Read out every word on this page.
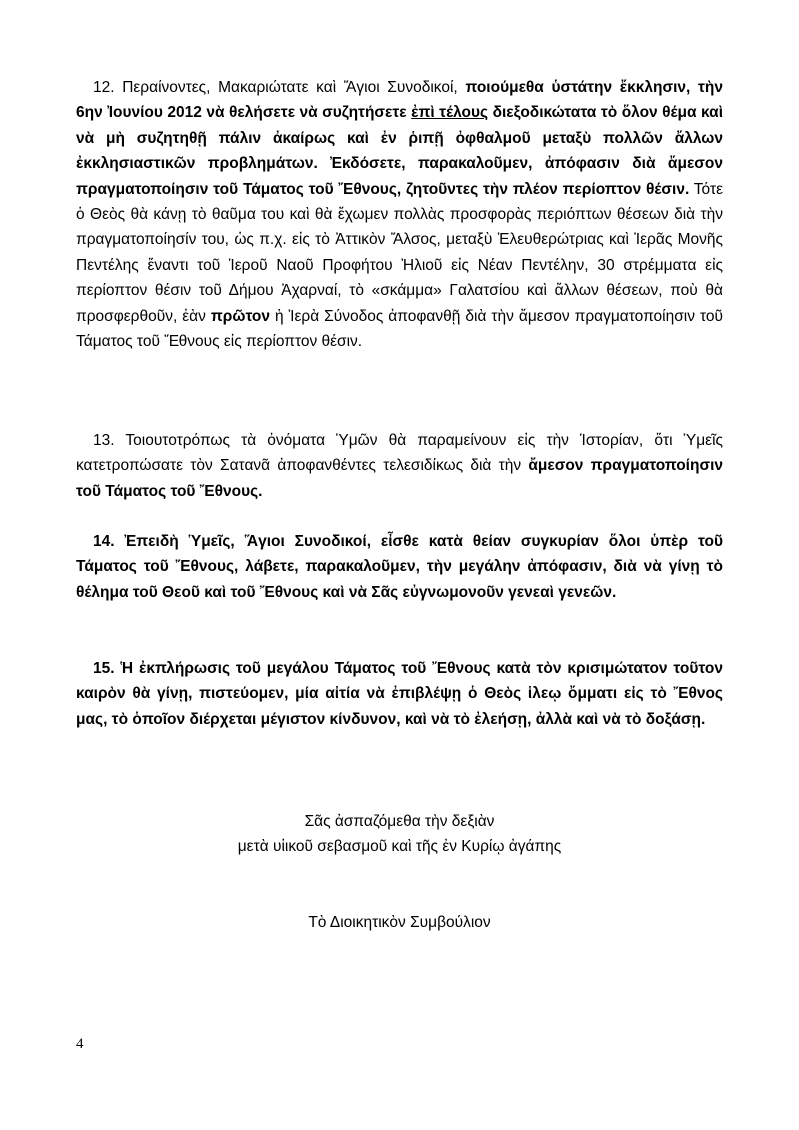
12. Περαίνοντες, Μακαριώτατε καὶ Ἅγιοι Συνοδικοί, ποιούμεθα ὑστάτην ἔκκλησιν, τὴν 6ην Ἰουνίου 2012 νὰ θελήσετε νὰ συζητήσετε ἐπὶ τέλους διεξοδικώτατα τὸ ὅλον θέμα καὶ νὰ μὴ συζητηθῇ πάλιν ἀκαίρως καὶ ἐν ῥιπῇ ὀφθαλμοῦ μεταξὺ πολλῶν ἄλλων ἐκκλησιαστικῶν προβλημάτων. Ἐκδόσετε, παρακαλοῦμεν, ἀπόφασιν διὰ ἄμεσον πραγματοποίησιν τοῦ Τάματος τοῦ Ἔθνους, ζητοῦντες τὴν πλέον περίοπτον θέσιν. Τότε ὁ Θεὸς θὰ κάνῃ τὸ θαῦμα του καὶ θὰ ἔχωμεν πολλὰς προσφορὰς περιόπτων θέσεων διὰ τὴν πραγματοποίησίν του, ὡς π.χ. εἰς τὸ Ἀττικὸν Ἄλσος, μεταξὺ Ἐλευθερώτριας καὶ Ἱερᾶς Μονῆς Πεντέλης ἔναντι τοῦ Ἱεροῦ Ναοῦ Προφήτου Ἠλιοῦ εἰς Νέαν Πεντέλην, 30 στρέμματα εἰς περίοπτον θέσιν τοῦ Δήμου Ἀχαρναί, τὸ «σκάμμα» Γαλατσίου καὶ ἄλλων θέσεων, ποὺ θὰ προσφερθοῦν, ἐὰν πρῶτον ἡ Ἱερὰ Σύνοδος ἀποφανθῇ διὰ τὴν ἄμεσον πραγματοποίησιν τοῦ Τάματος τοῦ Ἔθνους εἰς περίοπτον θέσιν.

13. Τοιουτοτρόπως τὰ ὀνόματα Ὑμῶν θὰ παραμείνουν εἰς τὴν Ἱστορίαν, ὅτι Ὑμεῖς κατετροπώσατε τὸν Σατανᾶ ἀποφανθέντες τελεσιδίκως διὰ τὴν ἄμεσον πραγματοποίησιν τοῦ Τάματος τοῦ Ἔθνους.

14. Ἐπειδὴ Ὑμεῖς, Ἅγιοι Συνοδικοί, εἶσθε κατὰ θείαν συγκυρίαν ὅλοι ὑπὲρ τοῦ Τάματος τοῦ Ἔθνους, λάβετε, παρακαλοῦμεν, τὴν μεγάλην ἀπόφασιν, διὰ νὰ γίνῃ τὸ θέλημα τοῦ Θεοῦ καὶ τοῦ Ἔθνους καὶ νὰ Σᾶς εὐγνωμονοῦν γενεαὶ γενεῶν.

15. Ἡ ἐκπλήρωσις τοῦ μεγάλου Τάματος τοῦ Ἔθνους κατὰ τὸν κρισιμώτατον τοῦτον καιρὸν θὰ γίνῃ, πιστεύομεν, μία αἰτία νὰ ἐπιβλέψῃ ὁ Θεὸς ἱλεῳ ὄμματι εἰς τὸ Ἔθνος μας, τὸ ὁποῖον διέρχεται μέγιστον κίνδυνον, καὶ νὰ τὸ ἐλεήσῃ, ἀλλὰ καὶ νὰ τὸ δοξάσῃ.

Σᾶς ἀσπαζόμεθα τὴν δεξιὰν

μετὰ υἱικοῦ σεβασμοῦ καὶ τῆς ἐν Κυρίῳ ἀγάπης

Τὸ Διοικητικὸν Συμβούλιον

4
